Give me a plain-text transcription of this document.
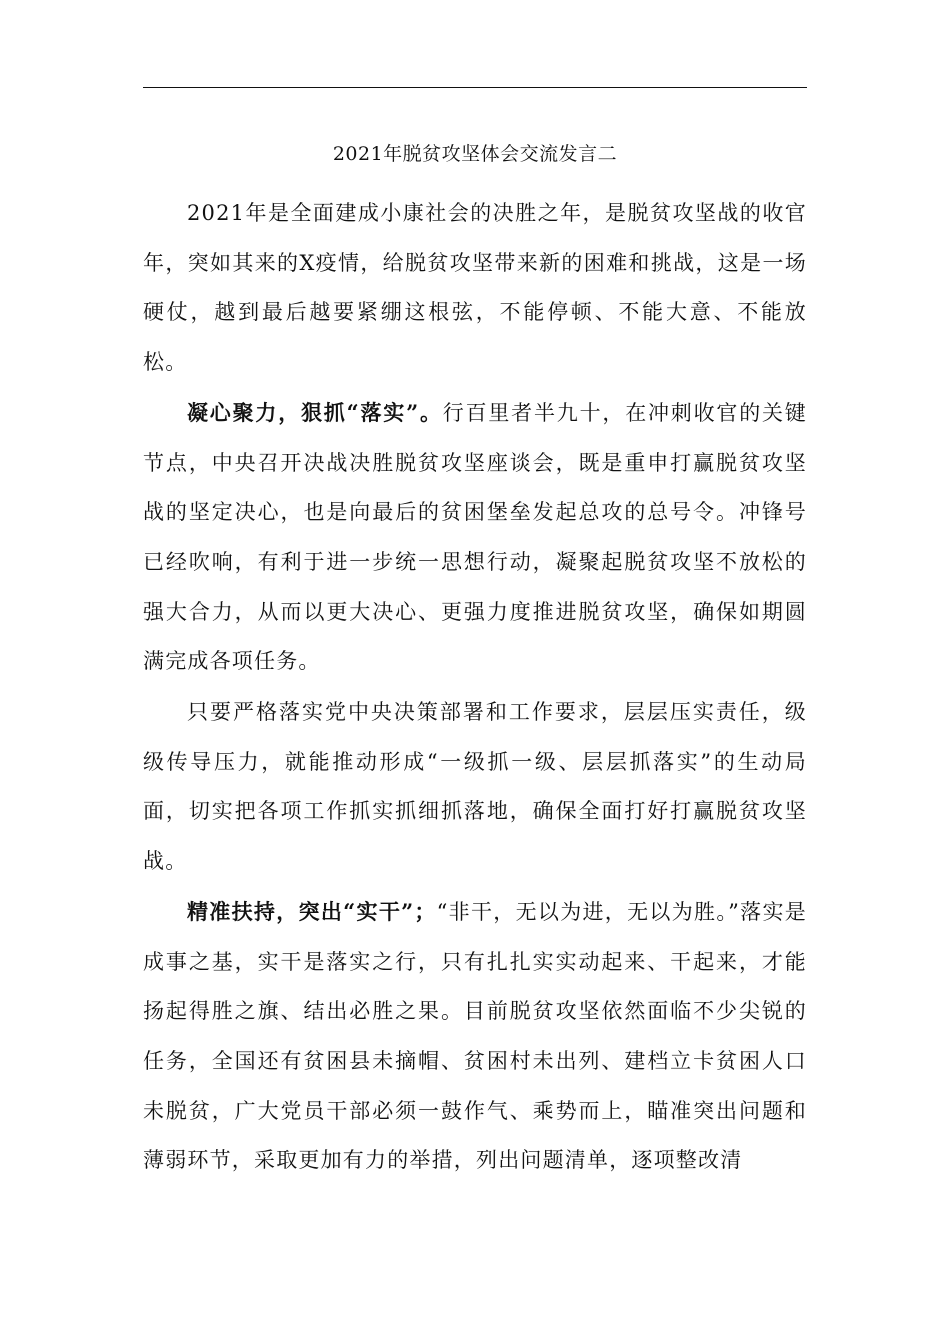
2021年脱贫攻坚体会交流发言二

2021年是全面建成小康社会的决胜之年，是脱贫攻坚战的收官年，突如其来的X疫情，给脱贫攻坚带来新的困难和挑战，这是一场硬仗，越到最后越要紧绷这根弦，不能停顿、不能大意、不能放松。

凝心聚力，狠抓“落实”。行百里者半九十，在冲刺收官的关键节点，中央召开决战决胜脱贫攻坚座谈会，既是重申打赢脱贫攻坚战的坚定决心，也是向最后的贫困堡垒发起总攻的总号令。冲锋号已经吹响，有利于进一步统一思想行动，凝聚起脱贫攻坚不放松的强大合力，从而以更大决心、更强力度推进脱贫攻坚，确保如期圆满完成各项任务。

只要严格落实党中央决策部署和工作要求，层层压实责任，级级传导压力，就能推动形成“一级抓一级、层层抓落实”的生动局面，切实把各项工作抓实抓细抓落地，确保全面打好打赢脱贫攻坚战。

精准扶持，突出“实干”；“非干，无以为进，无以为胜。”落实是成事之基，实干是落实之行，只有扎扎实实动起来、干起来，才能扬起得胜之旗、结出必胜之果。目前脱贫攻坚依然面临不少尖锐的任务，全国还有贫困县未摘帽、贫困村未出列、建档立卡贫困人口未脱贫，广大党员干部必须一鼓作气、乘势而上，瞄准突出问题和薄弱环节，采取更加有力的举措，列出问题清单，逐项整改清
